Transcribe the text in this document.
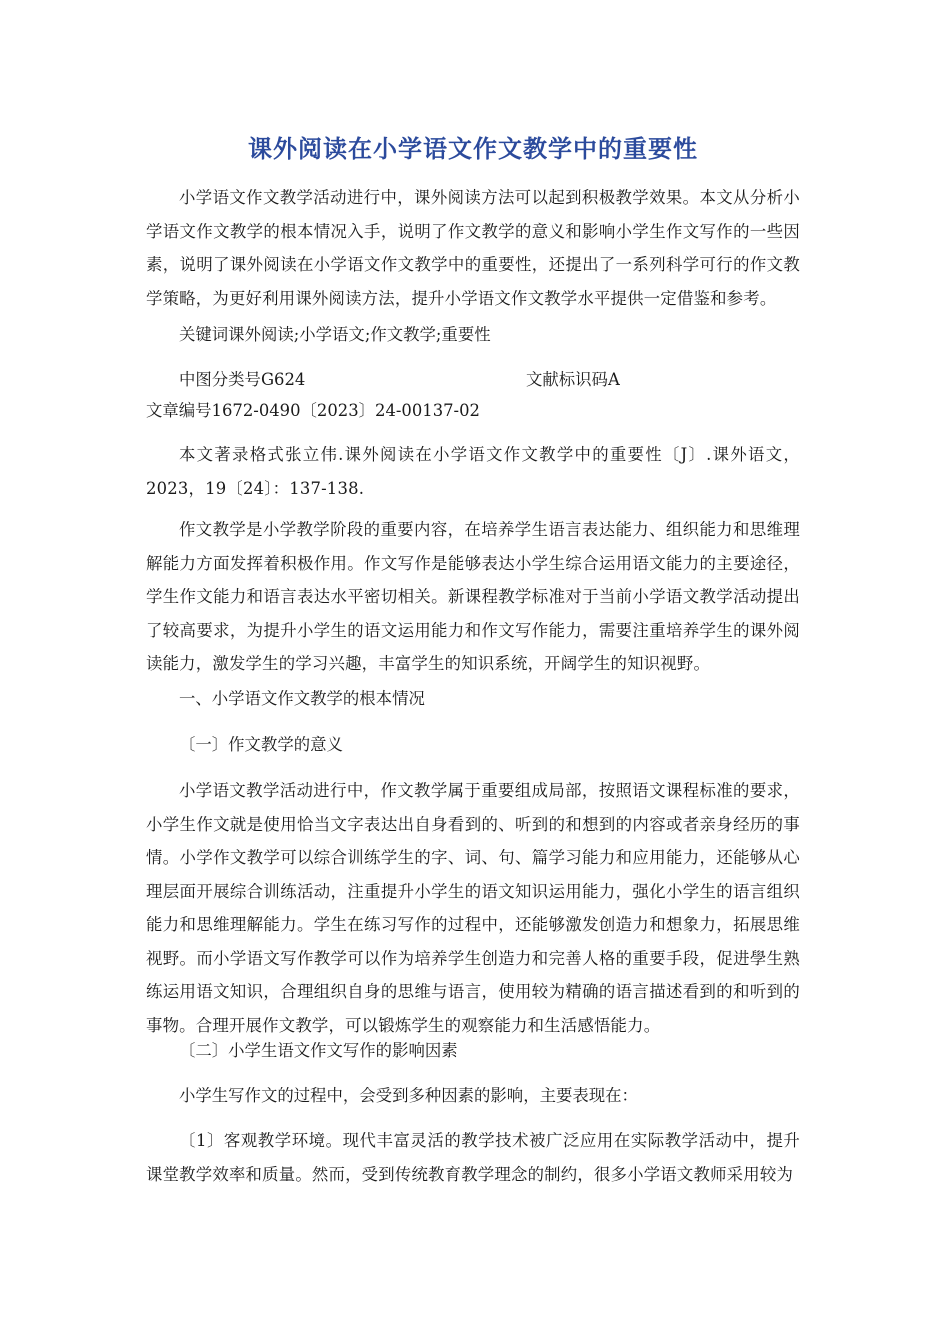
课外阅读在小学语文作文教学中的重要性

小学语文作文教学活动进行中，课外阅读方法可以起到积极教学效果。本文从分析小学语文作文教学的根本情况入手，说明了作文教学的意义和影响小学生作文写作的一些因素，说明了课外阅读在小学语文作文教学中的重要性，还提出了一系列科学可行的作文教学策略，为更好利用课外阅读方法，提升小学语文作文教学水平提供一定借鉴和参考。

关键词课外阅读;小学语文;作文教学;重要性
中图分类号G624	文献标识码A
文章编号1672-0490〔2023〕24-00137-02

本文著录格式张立伟.课外阅读在小学语文作文教学中的重要性〔J〕.课外语文，2023，19〔24〕：137-138.

作文教学是小学教学阶段的重要内容，在培养学生语言表达能力、组织能力和思维理解能力方面发挥着积极作用。作文写作是能够表达小学生综合运用语文能力的主要途径，学生作文能力和语言表达水平密切相关。新课程教学标准对于当前小学语文教学活动提出了较高要求，为提升小学生的语文运用能力和作文写作能力，需要注重培养学生的课外阅读能力，激发学生的学习兴趣，丰富学生的知识系统，开阔学生的知识视野。

一、小学语文作文教学的根本情况
〔一〕作文教学的意义

小学语文教学活动进行中，作文教学属于重要组成局部，按照语文课程标准的要求，小学生作文就是使用恰当文字表达出自身看到的、听到的和想到的内容或者亲身经历的事情。小学作文教学可以综合训练学生的字、词、句、篇学习能力和应用能力，还能够从心理层面开展综合训练活动，注重提升小学生的语文知识运用能力，强化小学生的语言组织能力和思维理解能力。学生在练习写作的过程中，还能够激发创造力和想象力，拓展思维视野。而小学语文写作教学可以作为培养学生创造力和完善人格的重要手段，促进學生熟练运用语文知识，合理组织自身的思维与语言，使用较为精确的语言描述看到的和听到的事物。合理开展作文教学，可以锻炼学生的观察能力和生活感悟能力。

〔二〕小学生语文作文写作的影响因素
小学生写作文的过程中，会受到多种因素的影响，主要表现在：

〔1〕客观教学环境。现代丰富灵活的教学技术被广泛应用在实际教学活动中，提升课堂教学效率和质量。然而，受到传统教育教学理念的制约，很多小学语文教师采用较为
